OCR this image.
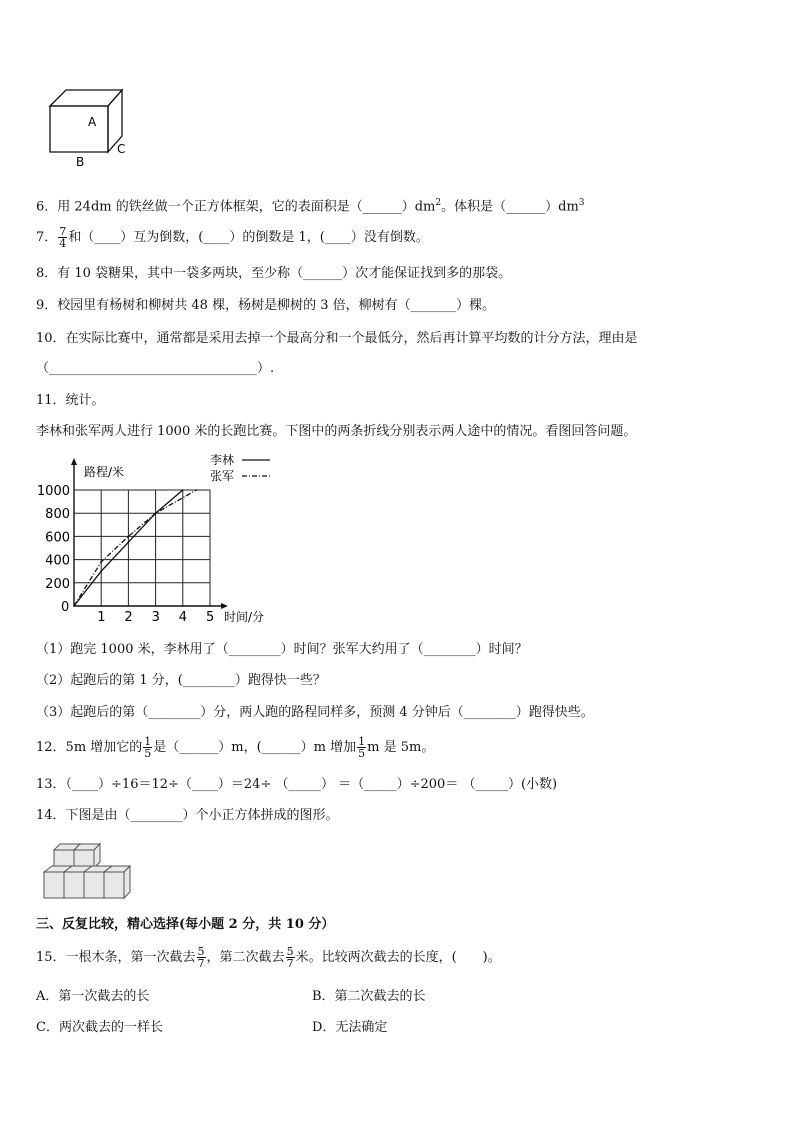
A
B
C
6．用 24dm 的铁丝做一个正方体框架，它的表面积是$(\_\_\_\_\_\_)dm^2$。体积是$(\_\_\_\_\_\_)dm^3$
7． $\frac{7}{4}$ 和（____）互为倒数，(____）的倒数是 1，(____）没有倒数。
8．有 10 袋糖果，其中一袋多两块，至少称（______）次才能保证找到多的那袋。
9．校园里有杨树和柳树共 48 棵，杨树是柳树的 3 倍，柳树有（_______）棵。
10．在实际比赛中，通常都是采用去掉一个最高分和一个最低分，然后再计算平均数的计分方法，理由是
（________________________________）.
11．统计。
李林和张军两人进行 1000 米的长跑比赛。下图中的两条折线分别表示两人途中的情况。看图回答问题。
1 2 3 4 5
200
400
600
800
1000
0
路程/米
时间/分
李林
张军
（1）跑完 1000 米，李林用了（________）时间？张军大约用了（________）时间？
（2）起跑后的第 1 分，(________）跑得快一些？
（3）起跑后的第（________）分，两人跑的路程同样多，预测 4 分钟后（________）跑得快些。
12．5m 增加它的 $\frac{1}{5}$ 是（______）m，(______）m 增加 $\frac{1}{5}$ m 是 5m。
13．（____）÷16＝12÷（____）＝24÷ （_____） ＝（_____）÷200＝ （_____）(小数)
14．下图是由（________）个小正方体拼成的图形。
三、反复比较，精心选择(每小题 2 分，共 10 分）
15．一根木条，第一次截去 $\frac{5}{7}$ ，第二次截去 $\frac{5}{7}$ 米。比较两次截去的长度，(　　)。
A．第一次截去的长	B．第二次截去的长
C．两次截去的一样长	D．无法确定
